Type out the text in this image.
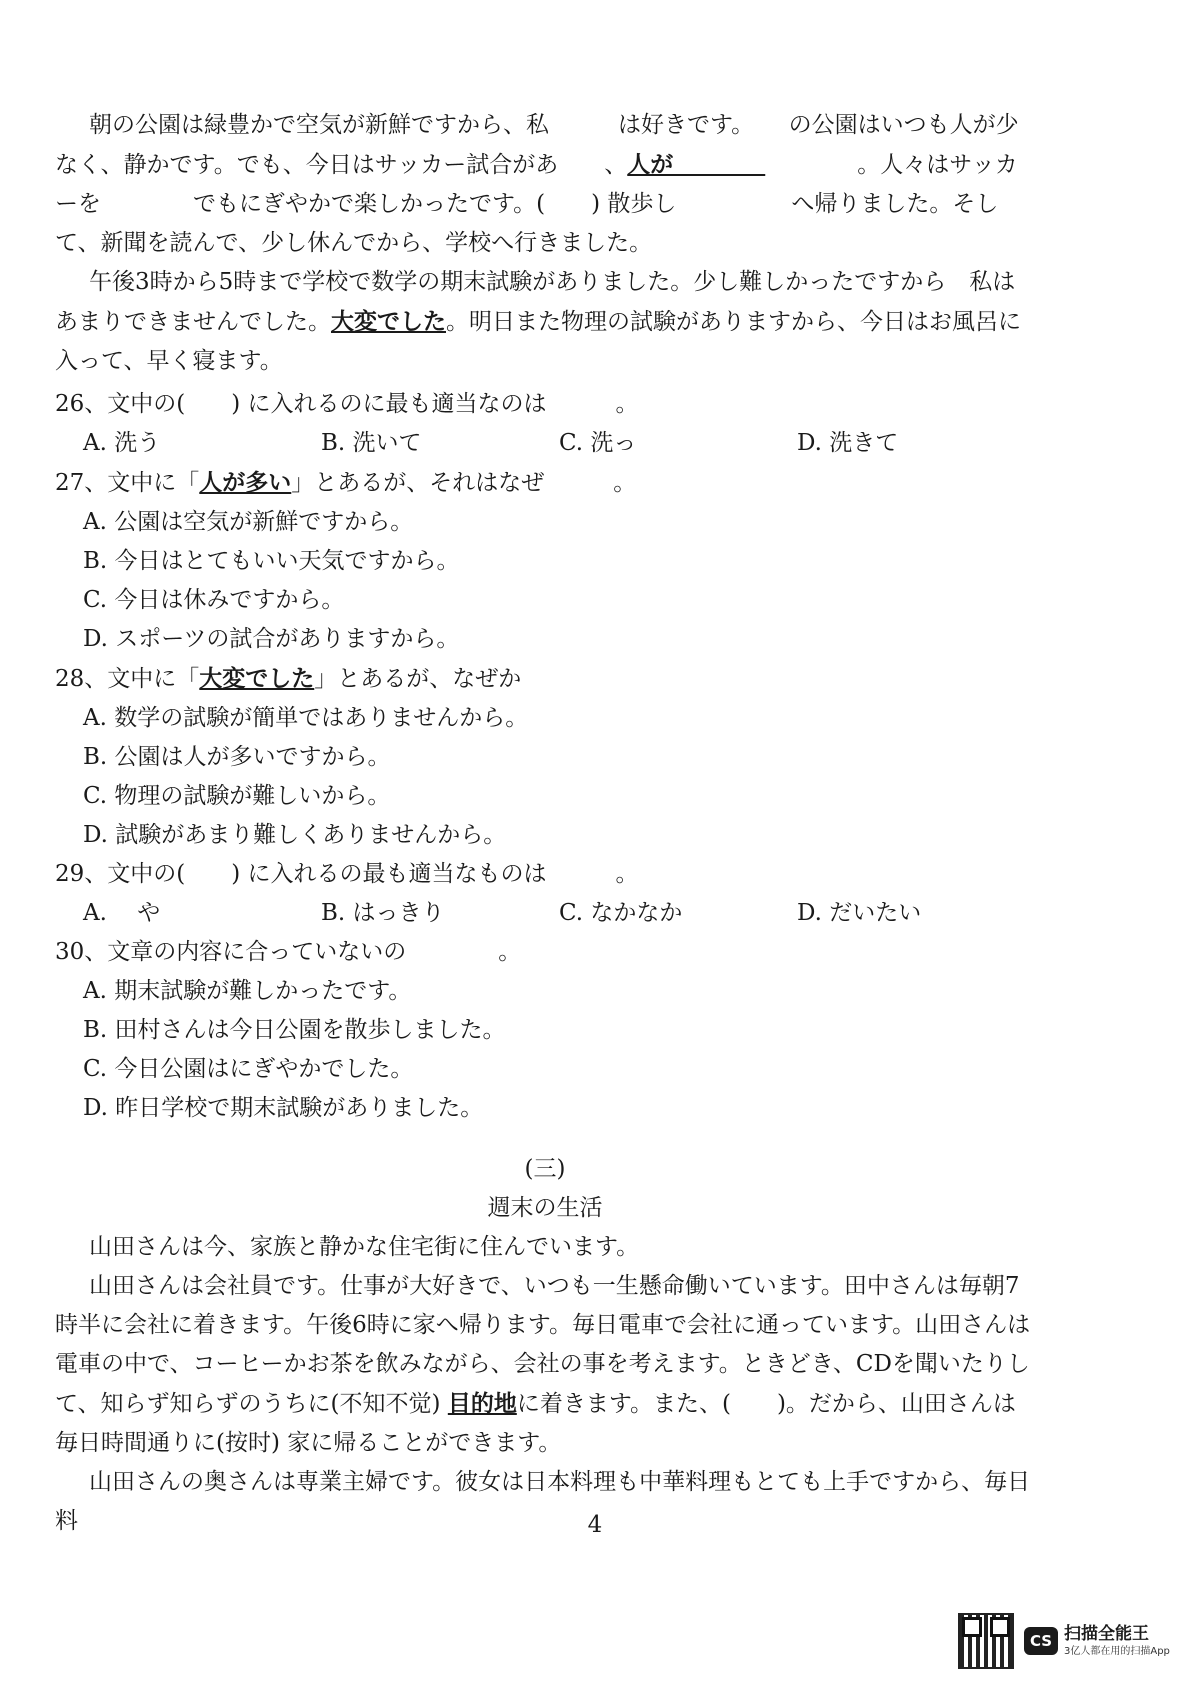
朝の公園は緑豊かで空気が新鮮ですから、私　　　は好きです。　　の公園はいつも人が少なく、静かです。でも、今日はサッカー試合があ　　、人が　　　　　　　　。人々はサッカーを　　　　でもにぎやかで楽しかったです。(　　) 散歩し　　　　　へ帰りました。そして、新聞を読んで、少し休んでから、学校へ行きました。

午後3時から5時まで学校で数学の期末試験がありました。少し難しかったですから　私はあまりできませんでした。大変でした。明日また物理の試験がありますから、今日はお風呂に入って、早く寝ます。

26、文中の(　　) に入れるのに最も適当なのは　　　。

A. 洗う	B. 洗いて	C. 洗っ	D. 洗きて

27、文中に「人が多い」とあるが、それはなぜ　　　。

A. 公園は空気が新鮮ですから。

B. 今日はとてもいい天気ですから。

C. 今日は休みですから。

D. スポーツの試合がありますから。

28、文中に「大変でした」とあるが、なぜか　　　

A. 数学の試験が簡単ではありませんから。

B. 公園は人が多いですから。

C. 物理の試験が難しいから。

D. 試験があまり難しくありませんから。

29、文中の(　　) に入れるの最も適当なものは　　　。

A. 　や	B. はっきり	C. なかなか	D. だいたい

30、文章の内容に合っていないの　　　　。

A. 期末試験が難しかったです。

B. 田村さんは今日公園を散歩しました。

C. 今日公園はにぎやかでした。

D. 昨日学校で期末試験がありました。

(三)

週末の生活

山田さんは今、家族と静かな住宅街に住んでいます。

山田さんは会社員です。仕事が大好きで、いつも一生懸命働いています。田中さんは毎朝7時半に会社に着きます。午後6時に家へ帰ります。毎日電車で会社に通っています。山田さんは電車の中で、コーヒーかお茶を飲みながら、会社の事を考えます。ときどき、CDを聞いたりして、知らず知らずのうちに(不知不觉) 目的地に着きます。また、(　　)。だから、山田さんは毎日時間通りに(按时) 家に帰ることができます。

山田さんの奥さんは専業主婦です。彼女は日本料理も中華料理もとても上手ですから、毎日料	4
CS 扫描全能王
3亿人都在用的扫描App
